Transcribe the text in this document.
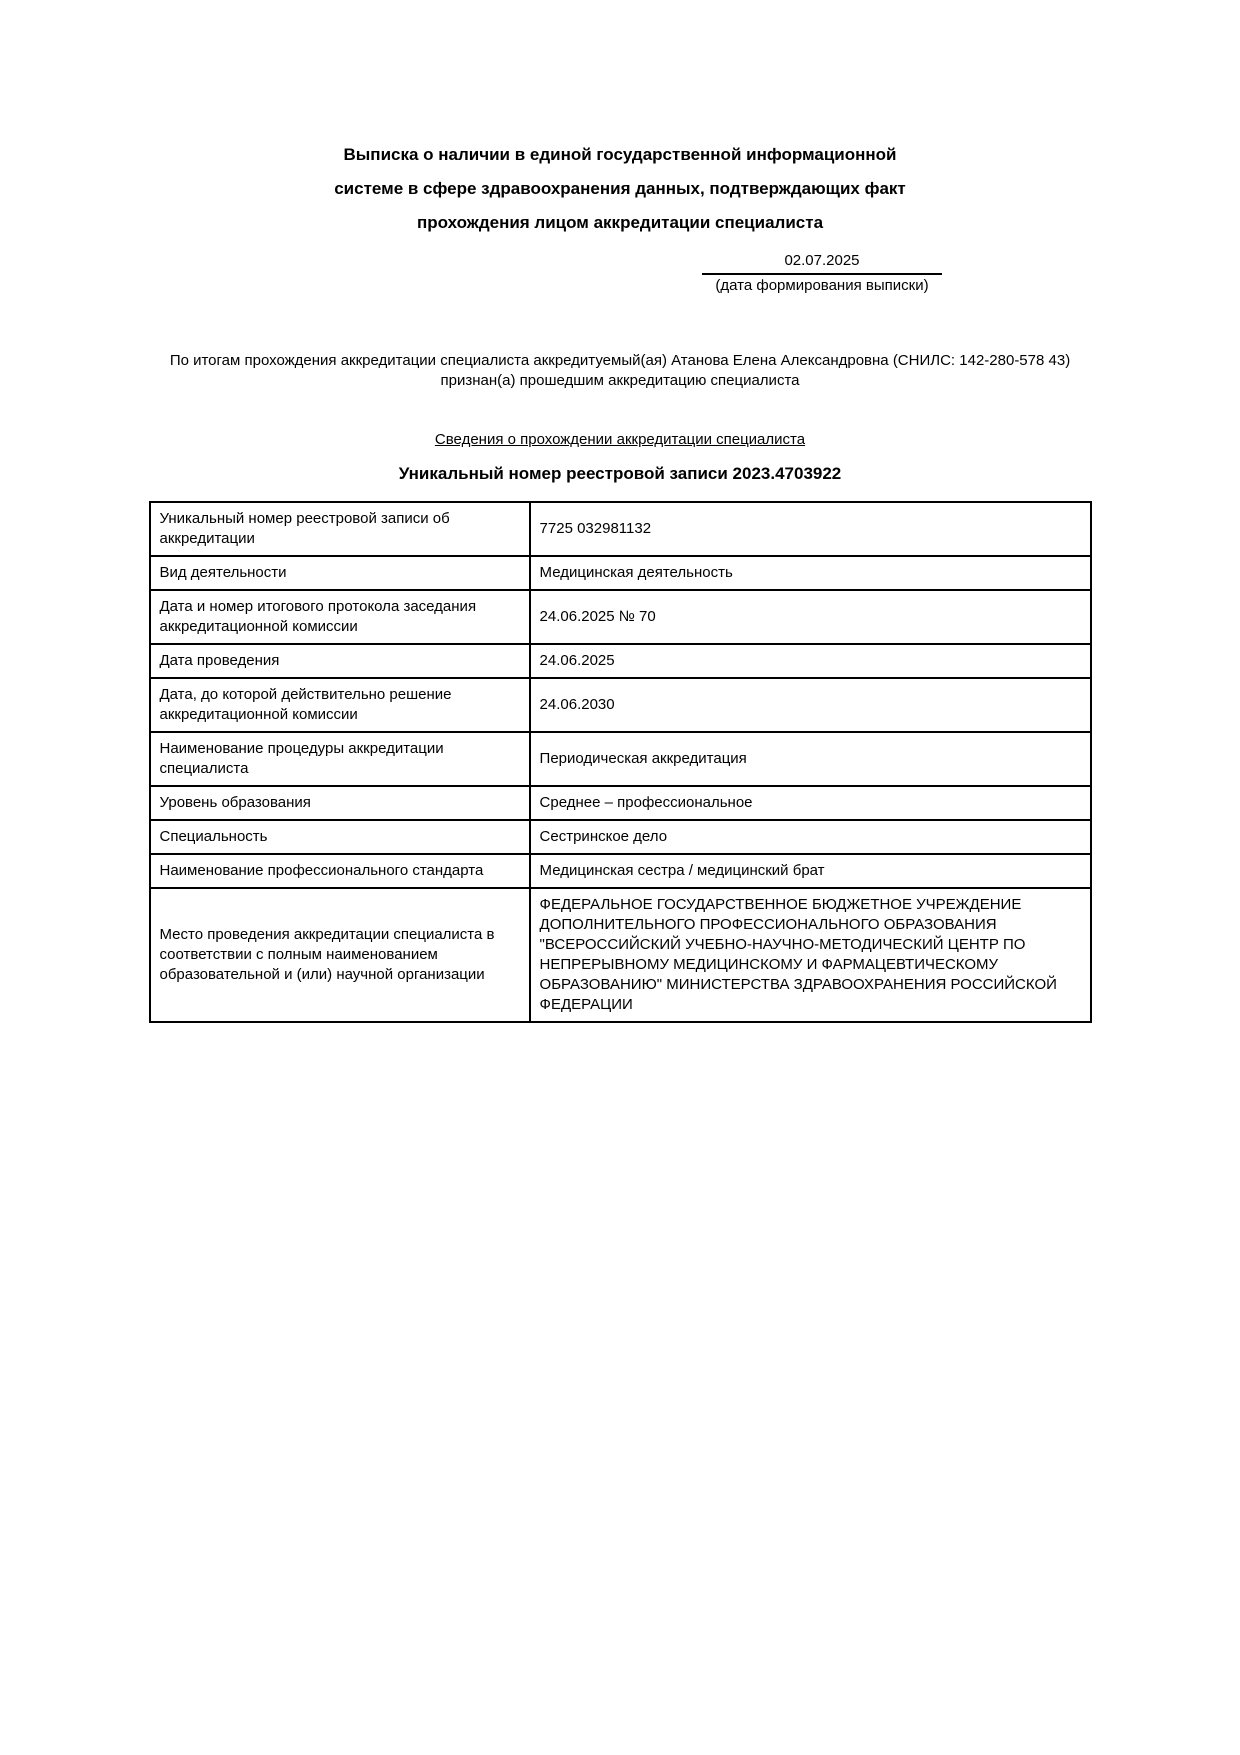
Выписка о наличии в единой государственной информационной
системе в сфере здравоохранения данных, подтверждающих факт
прохождения лицом аккредитации специалиста
02.07.2025
(дата формирования выписки)

По итогам прохождения аккредитации специалиста аккредитуемый(ая) Атанова Елена Александровна (СНИЛС: 142-280-578 43) признан(а) прошедшим аккредитацию специалиста

Сведения о прохождении аккредитации специалиста

Уникальный номер реестровой записи 2023.4703922

Уникальный номер реестровой записи об аккредитации	7725 032981132
Вид деятельности	Медицинская деятельность
Дата и номер итогового протокола заседания аккредитационной комиссии	24.06.2025 № 70
Дата проведения	24.06.2025
Дата, до которой действительно решение аккредитационной комиссии	24.06.2030
Наименование процедуры аккредитации специалиста	Периодическая аккредитация
Уровень образования	Среднее – профессиональное
Специальность	Сестринское дело
Наименование профессионального стандарта	Медицинская сестра / медицинский брат
Место проведения аккредитации специалиста в соответствии с полным наименованием образовательной и (или) научной организации	ФЕДЕРАЛЬНОЕ ГОСУДАРСТВЕННОЕ БЮДЖЕТНОЕ УЧРЕЖДЕНИЕ ДОПОЛНИТЕЛЬНОГО ПРОФЕССИОНАЛЬНОГО ОБРАЗОВАНИЯ "ВСЕРОССИЙСКИЙ УЧЕБНО-НАУЧНО-МЕТОДИЧЕСКИЙ ЦЕНТР ПО НЕПРЕРЫВНОМУ МЕДИЦИНСКОМУ И ФАРМАЦЕВТИЧЕСКОМУ ОБРАЗОВАНИЮ" МИНИСТЕРСТВА ЗДРАВООХРАНЕНИЯ РОССИЙСКОЙ ФЕДЕРАЦИИ
